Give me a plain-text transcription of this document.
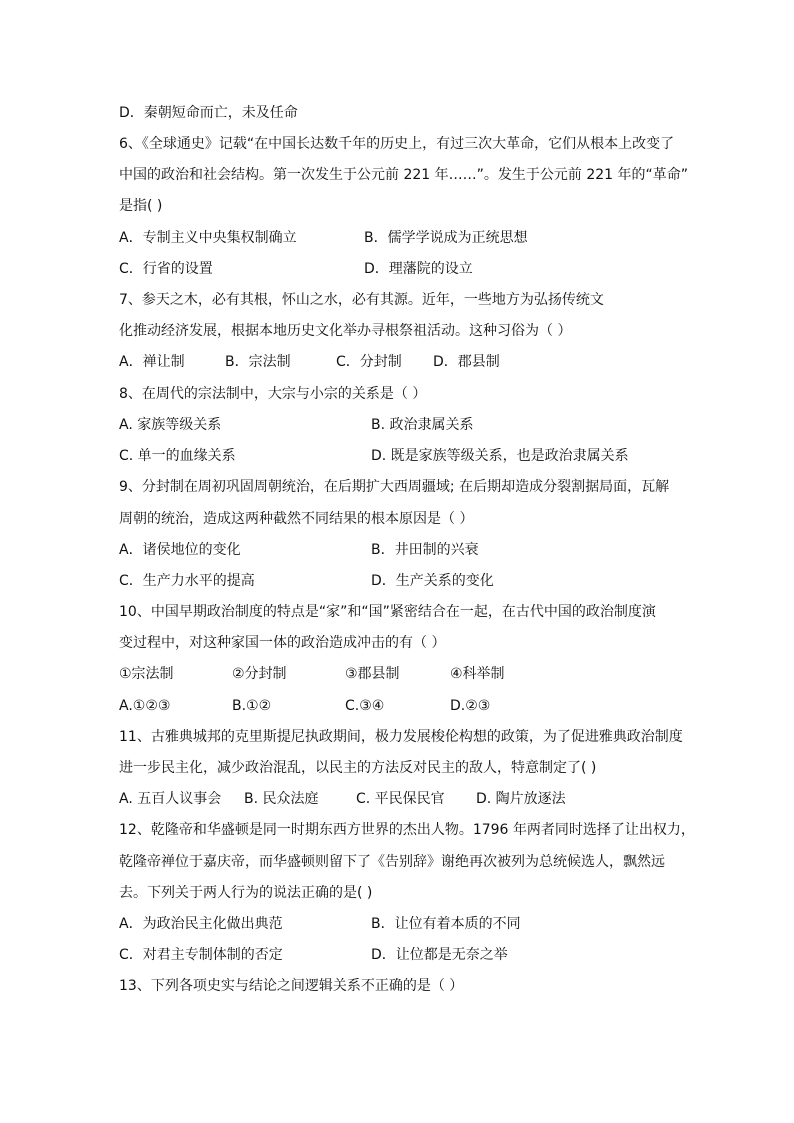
D．秦朝短命而亡，未及任命
6、《全球通史》记载“在中国长达数千年的历史上，有过三次大革命，它们从根本上改变了
中国的政治和社会结构。第一次发生于公元前 221 年……”。发生于公元前 221 年的“革命”
是指( )
A．专制主义中央集权制确立	B．儒学学说成为正统思想
C．行省的设置	D．理藩院的设立
7、参天之木，必有其根，怀山之水，必有其源。近年，一些地方为弘扬传统文
化推动经济发展，根据本地历史文化举办寻根祭祖活动。这种习俗为（ ）
A．禅让制	B．宗法制	C．分封制 D．郡县制
8、在周代的宗法制中，大宗与小宗的关系是（ ）
A. 家族等级关系	B. 政治隶属关系
C. 单一的血缘关系	D. 既是家族等级关系，也是政治隶属关系
9、分封制在周初巩固周朝统治，在后期扩大西周疆域; 在后期却造成分裂割据局面，瓦解
周朝的统治，造成这两种截然不同结果的根本原因是（ ）
A．诸侯地位的变化	B．井田制的兴衰
C．生产力水平的提高	D．生产关系的变化
10、中国早期政治制度的特点是“家”和“国”紧密结合在一起，在古代中国的政治制度演
变过程中，对这种家国一体的政治造成冲击的有（ ）
①宗法制	②分封制	③郡县制	④科举制
A.①②③	B.①②	C.③④	D.②③
11、古雅典城邦的克里斯提尼执政期间，极力发展梭伦构想的政策，为了促进雅典政治制度
进一步民主化，减少政治混乱，以民主的方法反对民主的敌人，特意制定了( )
A. 五百人议事会 B. 民众法庭	C. 平民保民官 D. 陶片放逐法
12、乾隆帝和华盛顿是同一时期东西方世界的杰出人物。1796 年两者同时选择了让出权力，
乾隆帝禅位于嘉庆帝，而华盛顿则留下了《告别辞》谢绝再次被列为总统候选人，飘然远
去。下列关于两人行为的说法正确的是( )
A．为政治民主化做出典范	B．让位有着本质的不同
C．对君主专制体制的否定	D．让位都是无奈之举
13、下列各项史实与结论之间逻辑关系不正确的是（ ）
